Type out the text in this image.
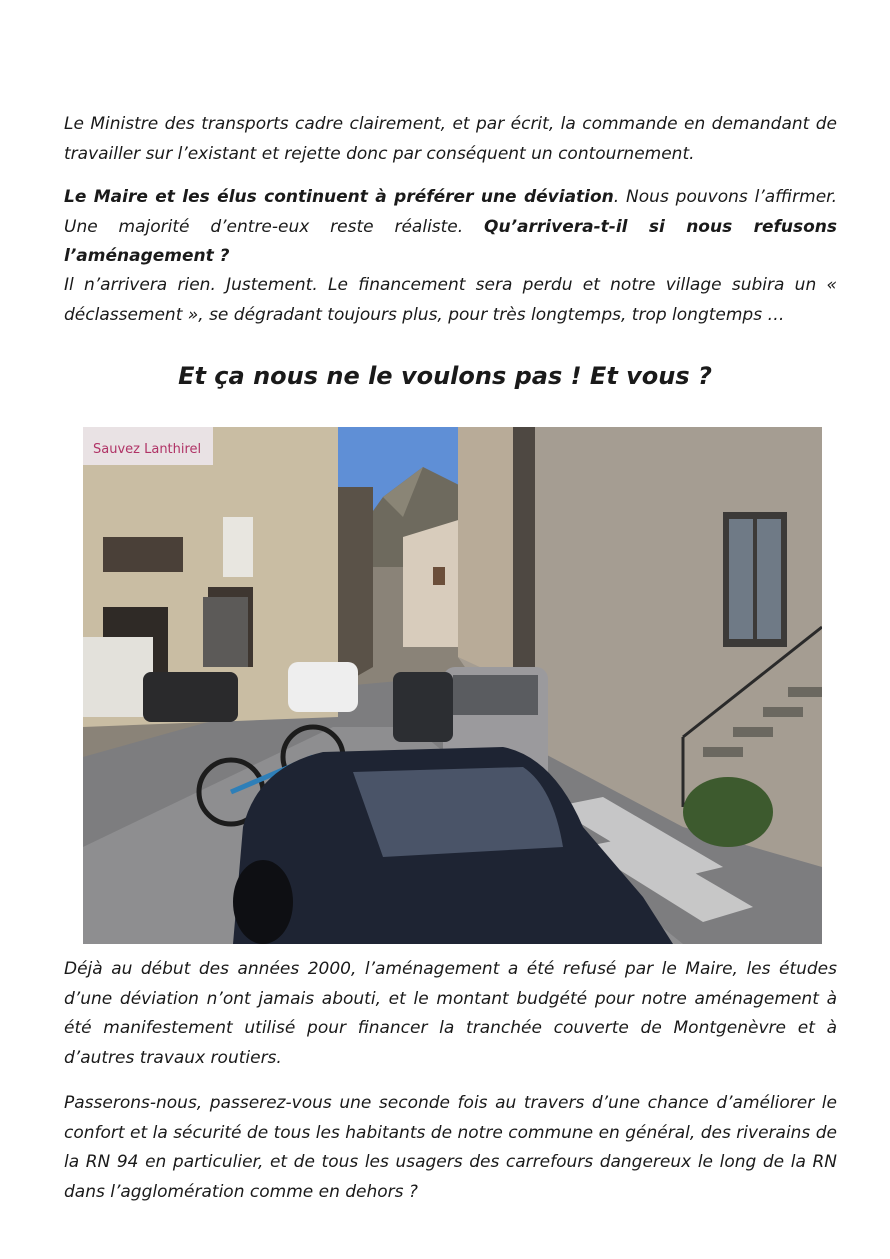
Le Ministre des transports cadre clairement, et par écrit, la commande en demandant de travailler sur l’existant et rejette donc par conséquent un contournement.

Le Maire et les élus continuent à préférer une déviation. Nous pouvons l’affirmer. Une majorité d’entre-eux reste réaliste. Qu’arrivera-t-il si nous refusons l’aménagement ?

Il n’arrivera rien. Justement. Le financement sera perdu et notre village subira un « déclassement », se dégradant toujours plus, pour très longtemps, trop longtemps …

Et ça nous ne le voulons pas ! Et vous ?
Sauvez Lanthirel

Déjà au début des années 2000, l’aménagement a été refusé par le Maire, les études d’une déviation n’ont jamais abouti, et le montant budgété pour notre aménagement à été manifestement utilisé pour financer la tranchée couverte de Montgenèvre et à d’autres travaux routiers.

Passerons-nous, passerez-vous une seconde fois au travers d’une chance d’améliorer le confort et la sécurité de tous les habitants de notre commune en général, des riverains de la RN 94 en particulier, et de tous les usagers des carrefours dangereux le long de la RN dans l’agglomération comme en dehors ?
